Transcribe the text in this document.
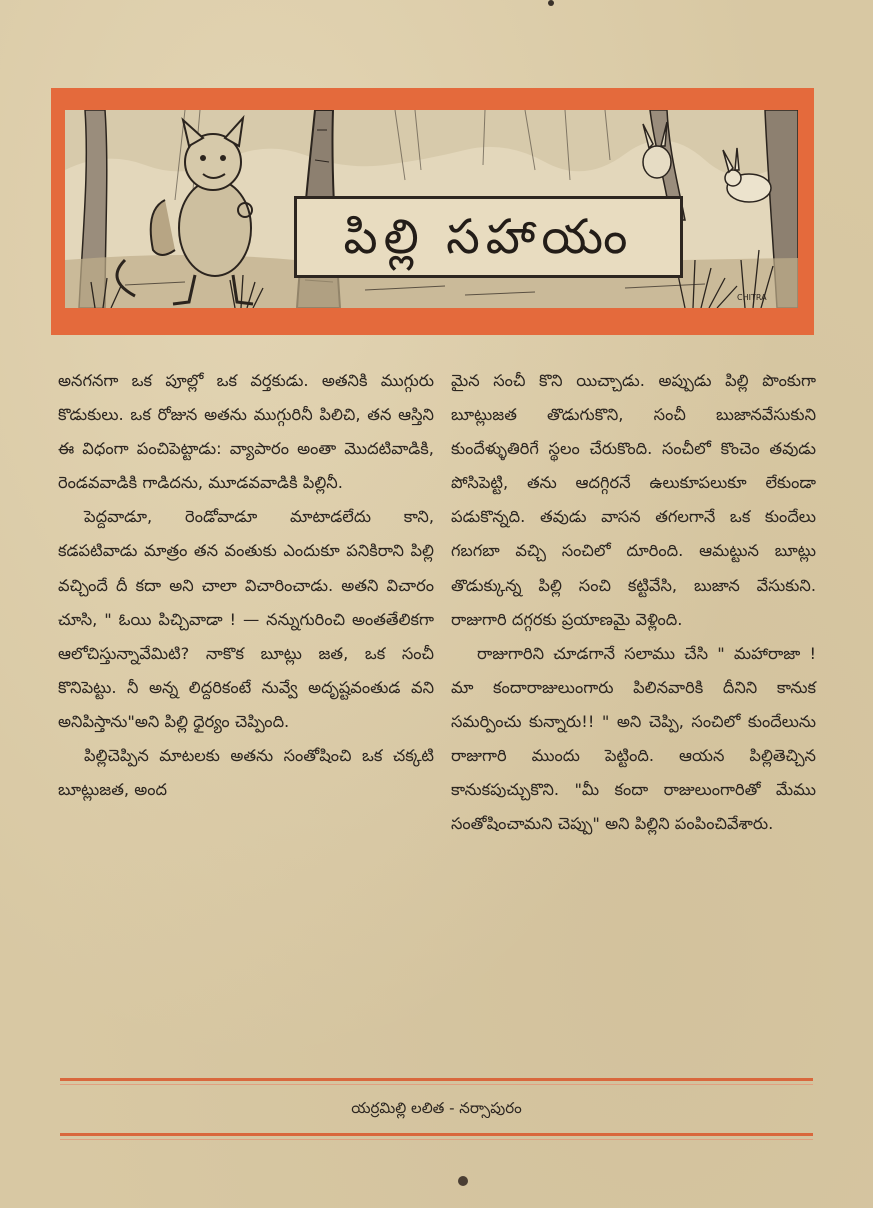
CHITRA
పిల్లి సహాయం

అనగనగా ఒక పూల్లో ఒక వర్తకుడు. అతనికి ముగ్గురు కొడుకులు. ఒక రోజున అతను ముగ్గురినీ పిలిచి, తన ఆస్తిని ఈ విధంగా పంచిపెట్టాడు: వ్యాపారం అంతా మొదటివాడికి, రెండవవాడికి గాడిదను, మూడవవాడికి పిల్లినీ.

పెద్దవాడూ, రెండోవాడూ మాటాడలేదు కాని, కడపటివాడు మాత్రం తన వంతుకు ఎందుకూ పనికిరాని పిల్లి వచ్చిందే దీ కదా అని చాలా విచారించాడు. అతని విచారం చూసి, " ఓయి పిచ్చివాడా ! — నన్నుగురించి అంతతేలికగా ఆలోచిస్తున్నావేమిటి? నాకొక బూట్లు జత, ఒక సంచీ కొనిపెట్టు. నీ అన్న లిద్దరికంటే నువ్వే అదృష్టవంతుడ వని అనిపిస్తాను"అని పిల్లి ధైర్యం చెప్పింది.

పిల్లిచెప్పిన మాటలకు అతను సంతోషించి ఒక చక్కటి బూట్లుజత, అంద

మైన సంచీ కొని యిచ్చాడు. అప్పుడు పిల్లి పొంకుగా బూట్లుజత తొడుగుకొని, సంచీ బుజానవేసుకుని కుందేళ్ళుతిరిగే స్థలం చేరుకొంది. సంచీలో కొంచెం తవుడు పోసిపెట్టి, తను ఆదగ్గిరనే ఉలుకూపలుకూ లేకుండా పడుకొన్నది. తవుడు వాసన తగలగానే ఒక కుందేలు గబగబా వచ్చి సంచిలో దూరింది. ఆమట్టున బూట్లు తొడుక్కున్న పిల్లి సంచి కట్టివేసి, బుజాన వేసుకుని. రాజుగారి దగ్గరకు ప్రయాణమై వెళ్లింది.

రాజుగారిని చూడగానే సలాము చేసి " మహారాజా ! మా కందారాజులుంగారు పిలినవారికి దీనిని కానుక సమర్పించు కున్నారు!! " అని చెప్పి, సంచిలో కుందేలును రాజుగారి ముందు పెట్టింది. ఆయన పిల్లితెచ్చిన కానుకపుచ్చుకొని. "మీ కందా రాజులుంగారితో మేము సంతోషించామని చెప్పు" అని పిల్లిని పంపించివేశారు.

యర్రమిల్లి లలిత - నర్సాపురం
